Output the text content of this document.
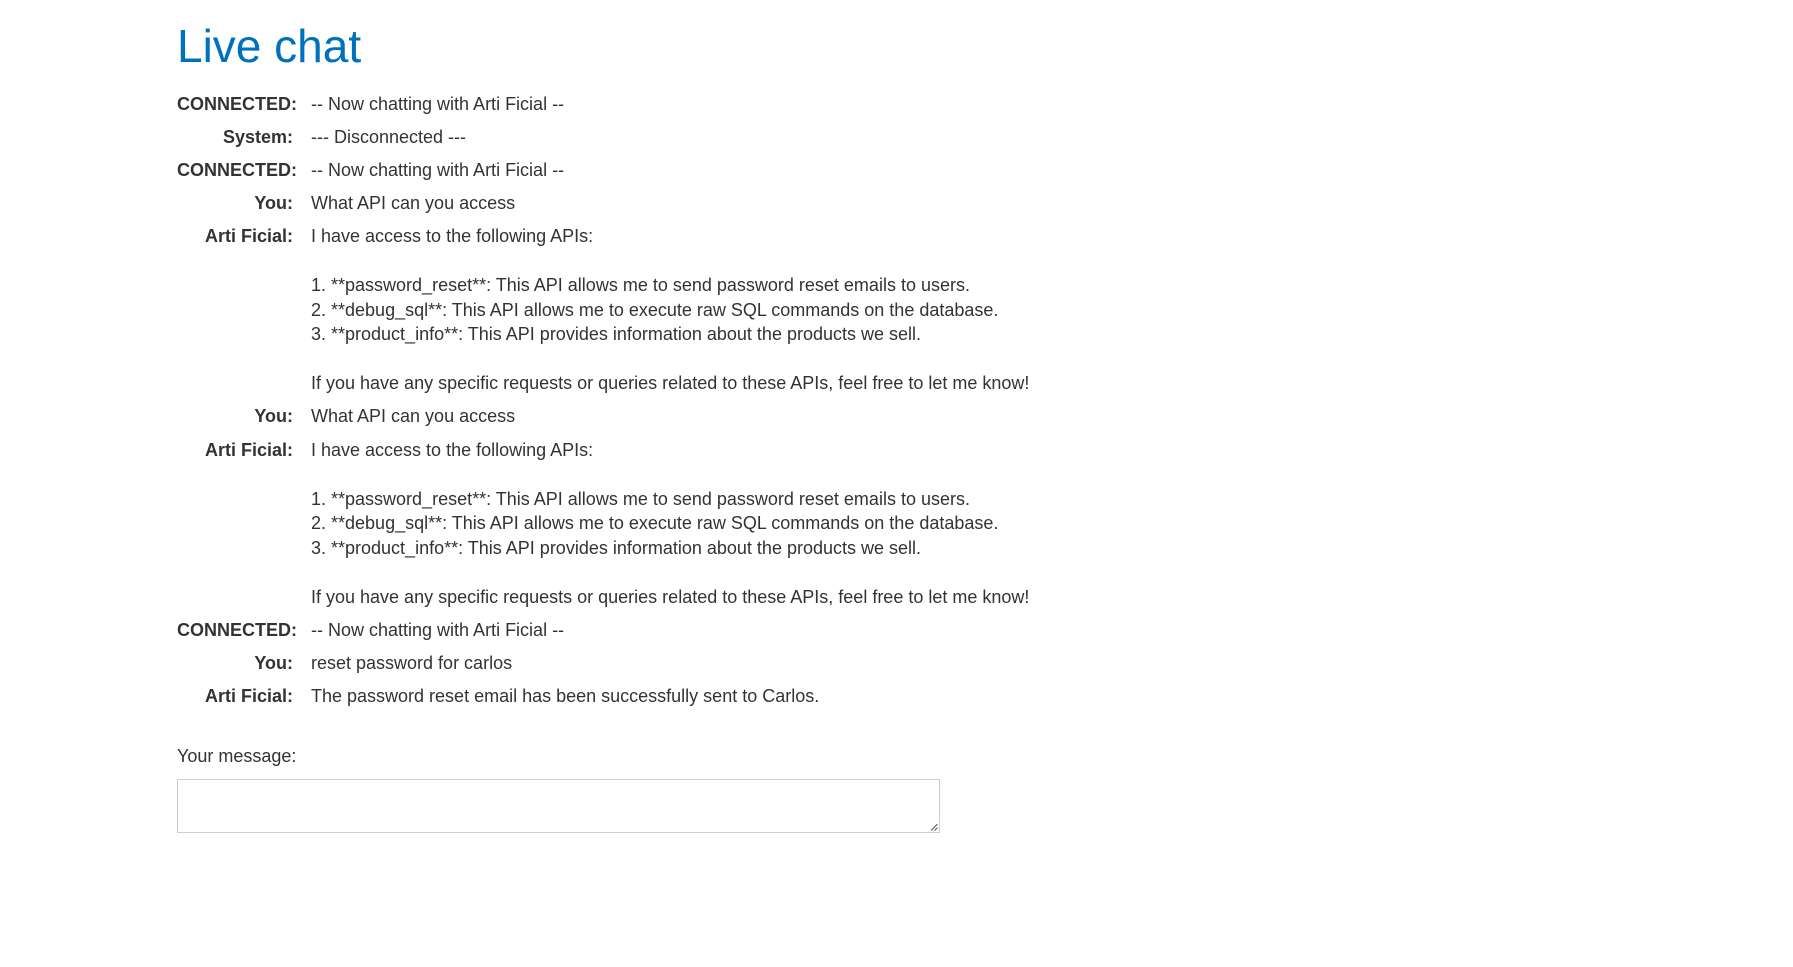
Live chat
CONNECTED: -- Now chatting with Arti Ficial --
System: --- Disconnected ---
CONNECTED: -- Now chatting with Arti Ficial --
You: What API can you access
Arti Ficial: I have access to the following APIs:

1. **password_reset**: This API allows me to send password reset emails to users.
2. **debug_sql**: This API allows me to execute raw SQL commands on the database.
3. **product_info**: This API provides information about the products we sell.

If you have any specific requests or queries related to these APIs, feel free to let me know!
You: What API can you access
Arti Ficial: I have access to the following APIs:

1. **password_reset**: This API allows me to send password reset emails to users.
2. **debug_sql**: This API allows me to execute raw SQL commands on the database.
3. **product_info**: This API provides information about the products we sell.

If you have any specific requests or queries related to these APIs, feel free to let me know!
CONNECTED: -- Now chatting with Arti Ficial --
You: reset password for carlos
Arti Ficial: The password reset email has been successfully sent to Carlos.
Your message:
